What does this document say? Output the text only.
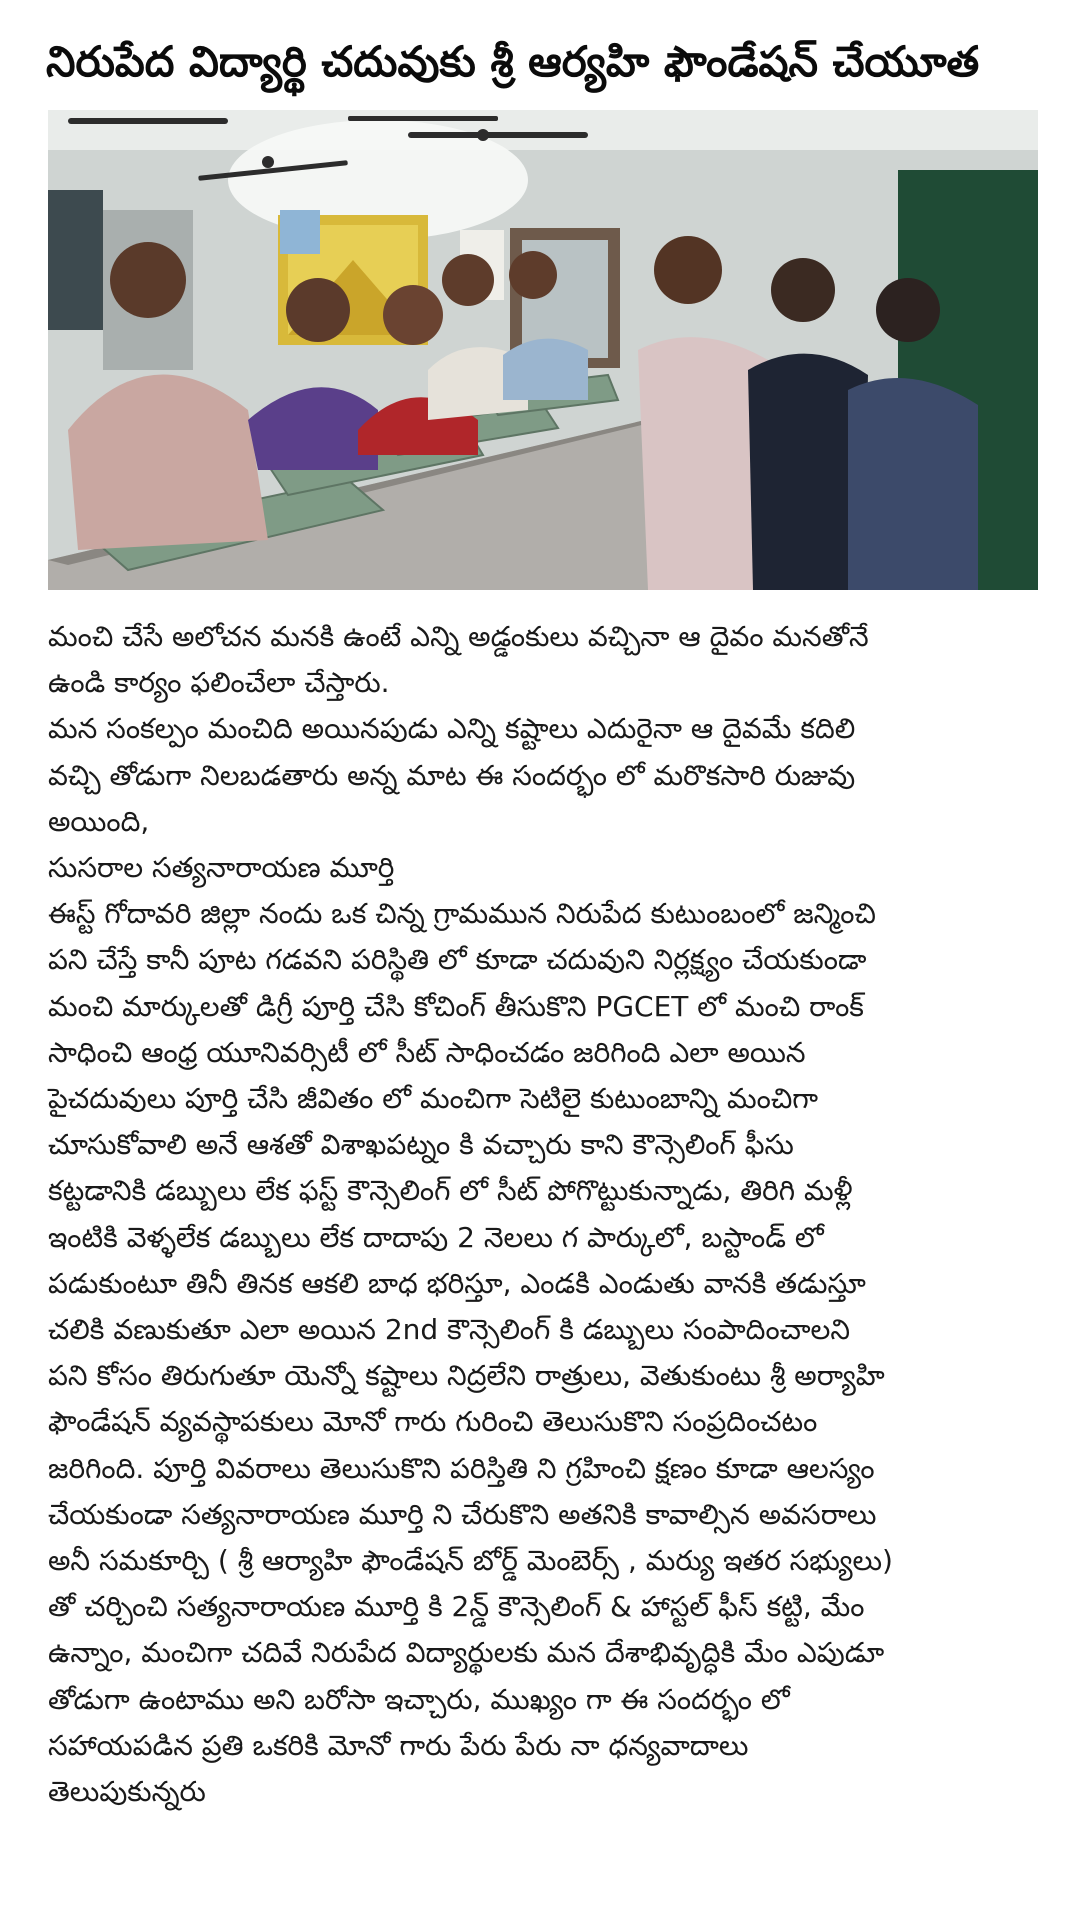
నిరుపేద విద్యార్థి చదువుకు శ్రీ ఆర్యహి ఫౌండేషన్ చేయూత

మంచి చేసే అలోచన మనకి ఉంటే ఎన్ని అడ్డంకులు వచ్చినా ఆ దైవం మనతోనే

ఉండి కార్యం ఫలించేలా చేస్తారు.

మన సంకల్పం మంచిది అయినపుడు ఎన్ని కష్టాలు ఎదురైనా ఆ దైవమే కదిలి

వచ్చి తోడుగా నిలబడతారు అన్న మాట ఈ సందర్భం లో మరొకసారి రుజువు

అయింది,

సుసరాల సత్యనారాయణ మూర్తి

ఈస్ట్ గోదావరి జిల్లా నందు ఒక చిన్న గ్రామమున నిరుపేద కుటుంబంలో జన్మించి

పని చేస్తే కానీ పూట గడవని పరిస్థితి లో కూడా చదువుని నిర్లక్ష్యం చేయకుండా

మంచి మార్కులతో డిగ్రీ పూర్తి చేసి కోచింగ్ తీసుకొని PGCET లో మంచి రాంక్

సాధించి ఆంధ్ర యూనివర్సిటీ లో సీట్ సాధించడం జరిగింది ఎలా అయిన

పైచదువులు పూర్తి చేసి జీవితం లో మంచిగా సెటిలై కుటుంబాన్ని మంచిగా

చూసుకోవాలి అనే ఆశతో విశాఖపట్నం కి వచ్చారు కాని కౌన్సెలింగ్ ఫీసు

కట్టడానికి డబ్బులు లేక ఫస్ట్ కౌన్సెలింగ్ లో సీట్ పోగొట్టుకున్నాడు, తిరిగి మళ్లీ

ఇంటికి వెళ్ళలేక డబ్బులు లేక దాదాపు 2 నెలలు గ పార్కులో, బస్టాండ్ లో

పడుకుంటూ తినీ తినక ఆకలి బాధ భరిస్తూ, ఎండకి ఎండుతు వానకి తడుస్తూ

చలికి వణుకుతూ ఎలా అయిన 2nd కౌన్సెలింగ్ కి డబ్బులు సంపాదించాలని

పని కోసం తిరుగుతూ యెన్నో కష్టాలు నిద్రలేని రాత్రులు, వెతుకుంటు శ్రీ అర్యాహి

ఫౌండేషన్ వ్యవస్థాపకులు మోనో గారు గురించి తెలుసుకొని సంప్రదించటం

జరిగింది. పూర్తి వివరాలు తెలుసుకొని పరిస్తితి ని గ్రహించి క్షణం కూడా ఆలస్యం

చేయకుండా సత్యనారాయణ మూర్తి ని చేరుకొని అతనికి కావాల్సిన అవసరాలు

అనీ సమకూర్చి ( శ్రీ ఆర్యాహి ఫౌండేషన్ బోర్డ్ మెంబెర్స్ , మర్యు ఇతర సభ్యులు)

తో చర్చించి సత్యనారాయణ మూర్తి కి 2న్డ్ కౌన్సెలింగ్ & హాస్టల్ ఫీస్ కట్టి, మేం

ఉన్నాం, మంచిగా చదివే నిరుపేద విద్యార్థులకు మన దేశాభివృద్ధికి మేం ఎపుడూ

తోడుగా ఉంటాము అని బరోసా ఇచ్చారు, ముఖ్యం గా ఈ సందర్భం లో

సహాయపడిన ప్రతి ఒకరికి మోనో గారు పేరు పేరు నా ధన్యవాదాలు

తెలుపుకున్నరు
